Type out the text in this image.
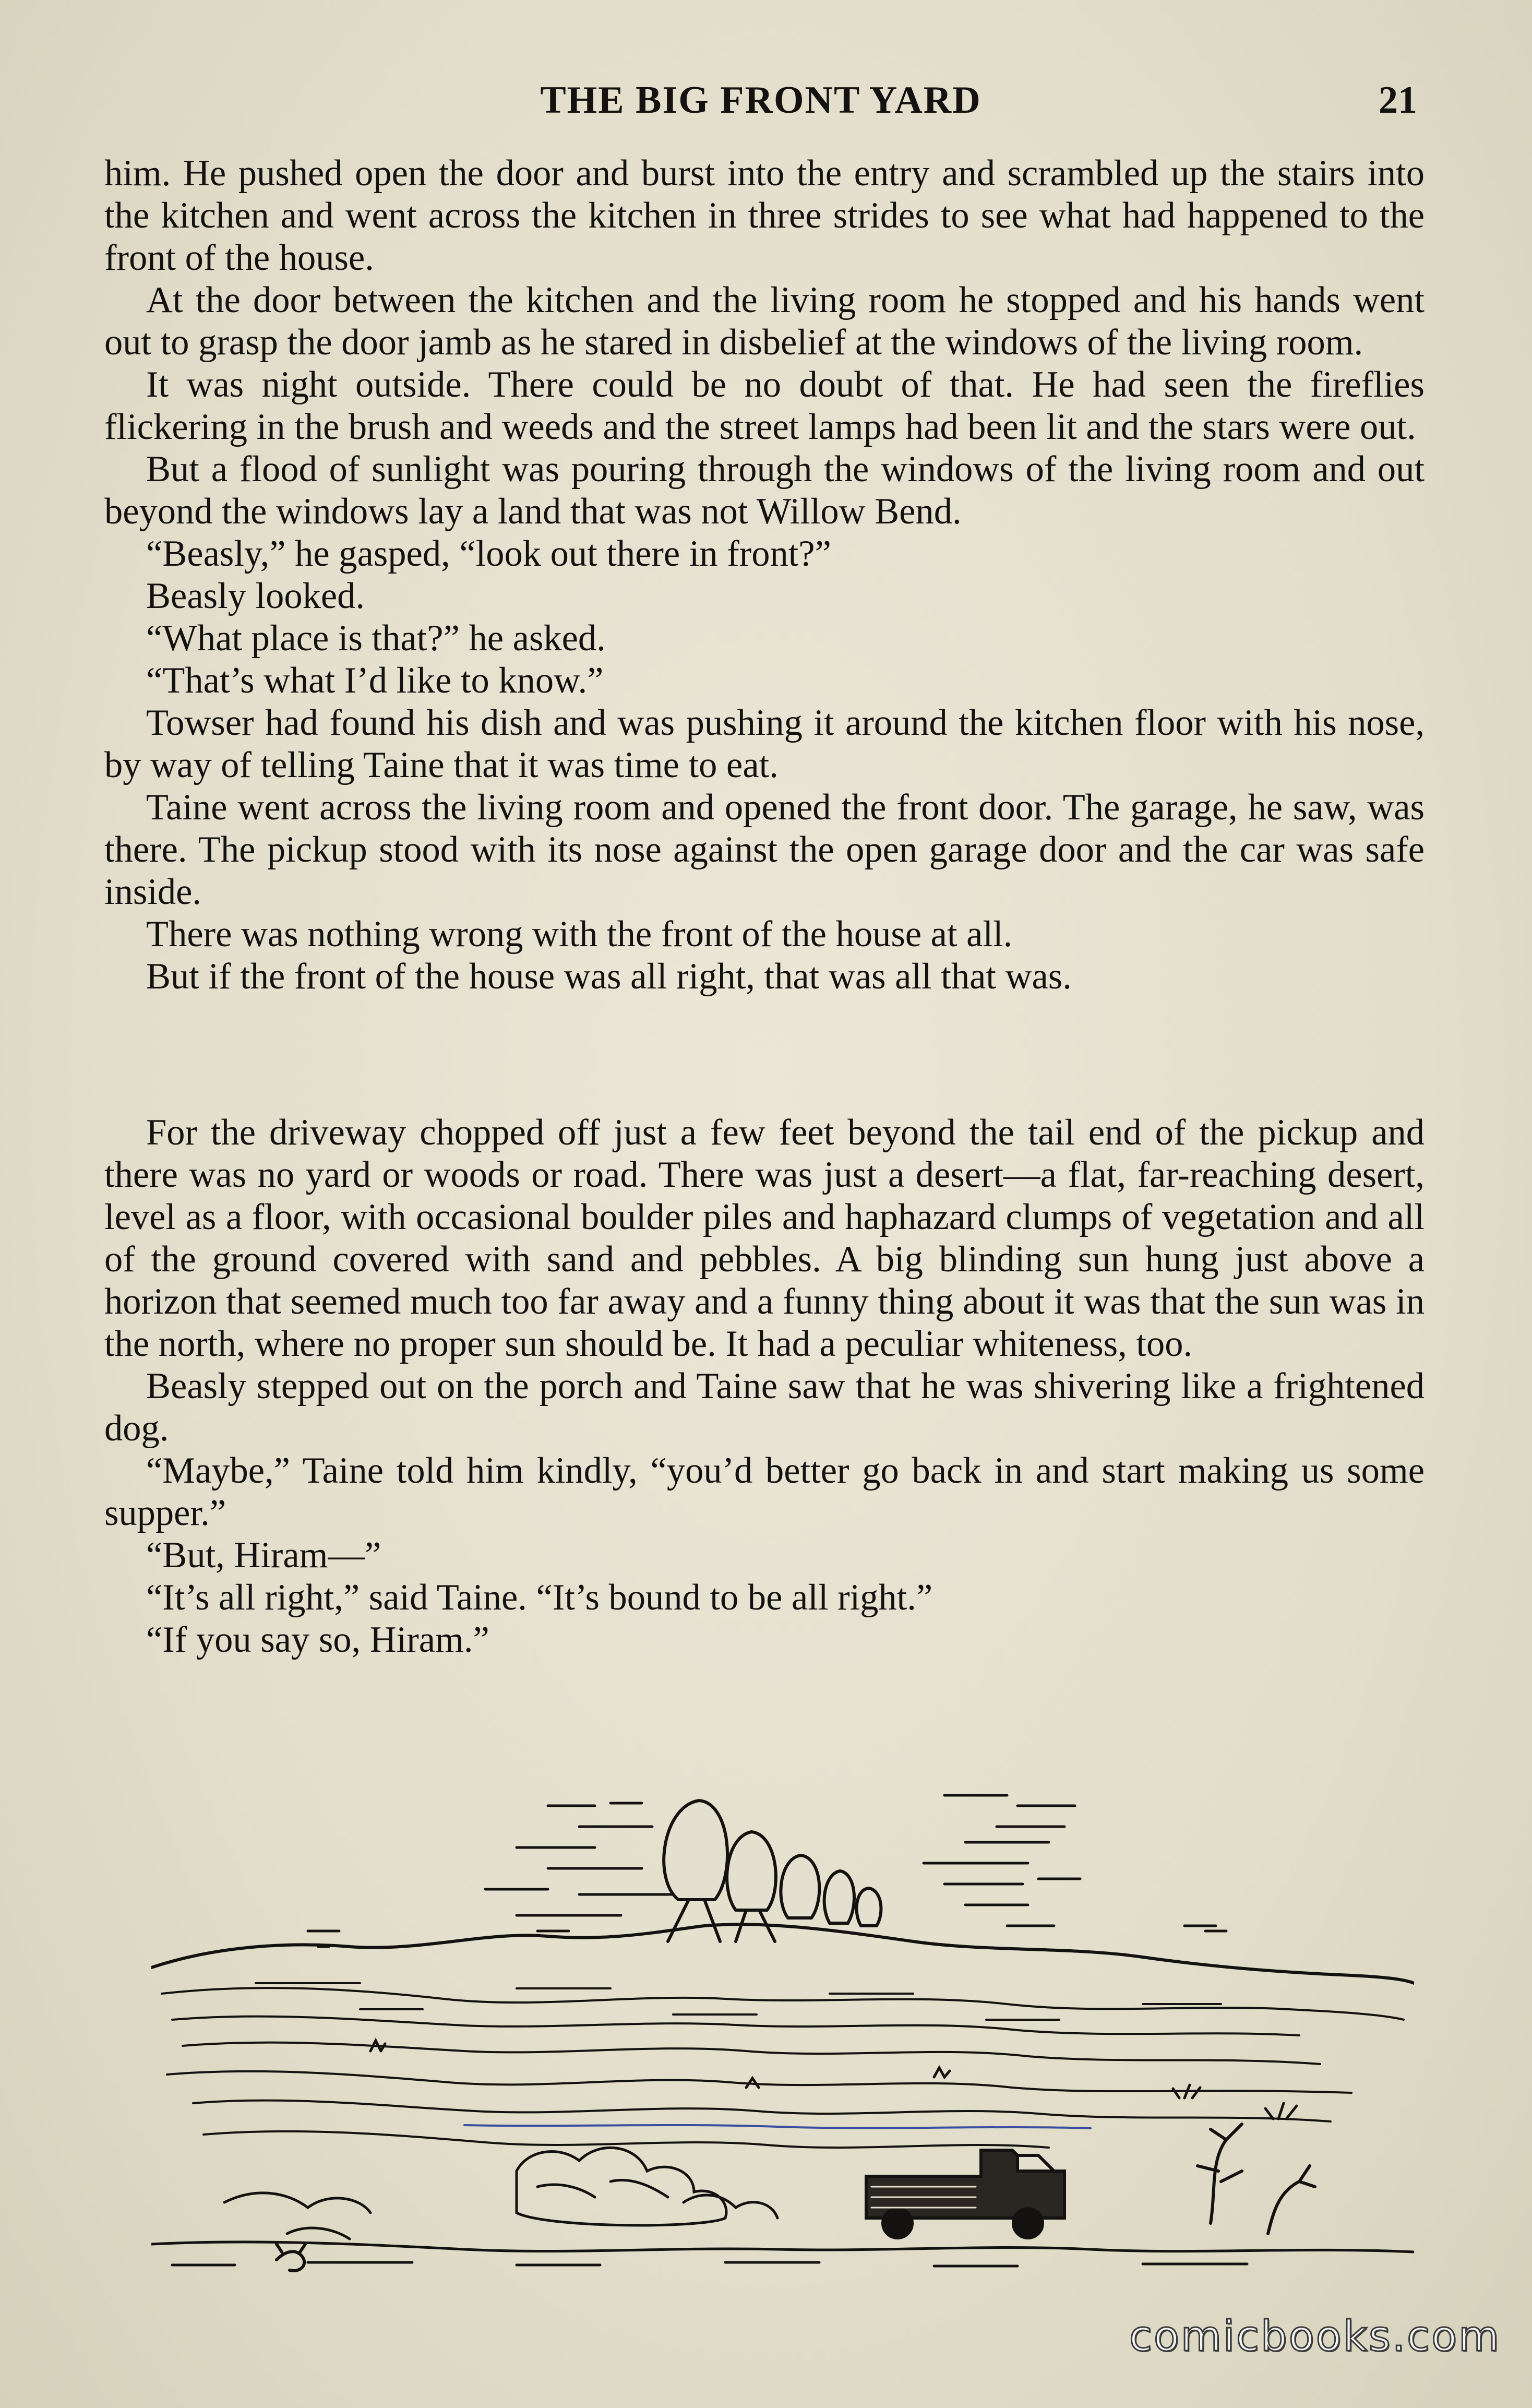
THE BIG FRONT YARD	21

him. He pushed open the door and burst into the entry and scrambled up the stairs into the kitchen and went across the kitchen in three strides to see what had happened to the front of the house.

At the door between the kitchen and the living room he stopped and his hands went out to grasp the door jamb as he stared in disbelief at the windows of the living room.

It was night outside. There could be no doubt of that. He had seen the fireflies flickering in the brush and weeds and the street lamps had been lit and the stars were out.

But a flood of sunlight was pouring through the windows of the living room and out beyond the windows lay a land that was not Willow Bend.

“Beasly,” he gasped, “look out there in front?”

Beasly looked.

“What place is that?” he asked.

“That’s what I’d like to know.”

Towser had found his dish and was pushing it around the kitchen floor with his nose, by way of telling Taine that it was time to eat.

Taine went across the living room and opened the front door. The garage, he saw, was there. The pickup stood with its nose against the open garage door and the car was safe inside.

There was nothing wrong with the front of the house at all.

But if the front of the house was all right, that was all that was.

For the driveway chopped off just a few feet beyond the tail end of the pickup and there was no yard or woods or road. There was just a desert—a flat, far-reaching desert, level as a floor, with occasional boulder piles and haphazard clumps of vegetation and all of the ground covered with sand and pebbles. A big blinding sun hung just above a horizon that seemed much too far away and a funny thing about it was that the sun was in the north, where no proper sun should be. It had a peculiar whiteness, too.

Beasly stepped out on the porch and Taine saw that he was shivering like a frightened dog.

“Maybe,” Taine told him kindly, “you’d better go back in and start making us some supper.”

“But, Hiram—”

“It’s all right,” said Taine. “It’s bound to be all right.”

“If you say so, Hiram.”

comicbooks.com
